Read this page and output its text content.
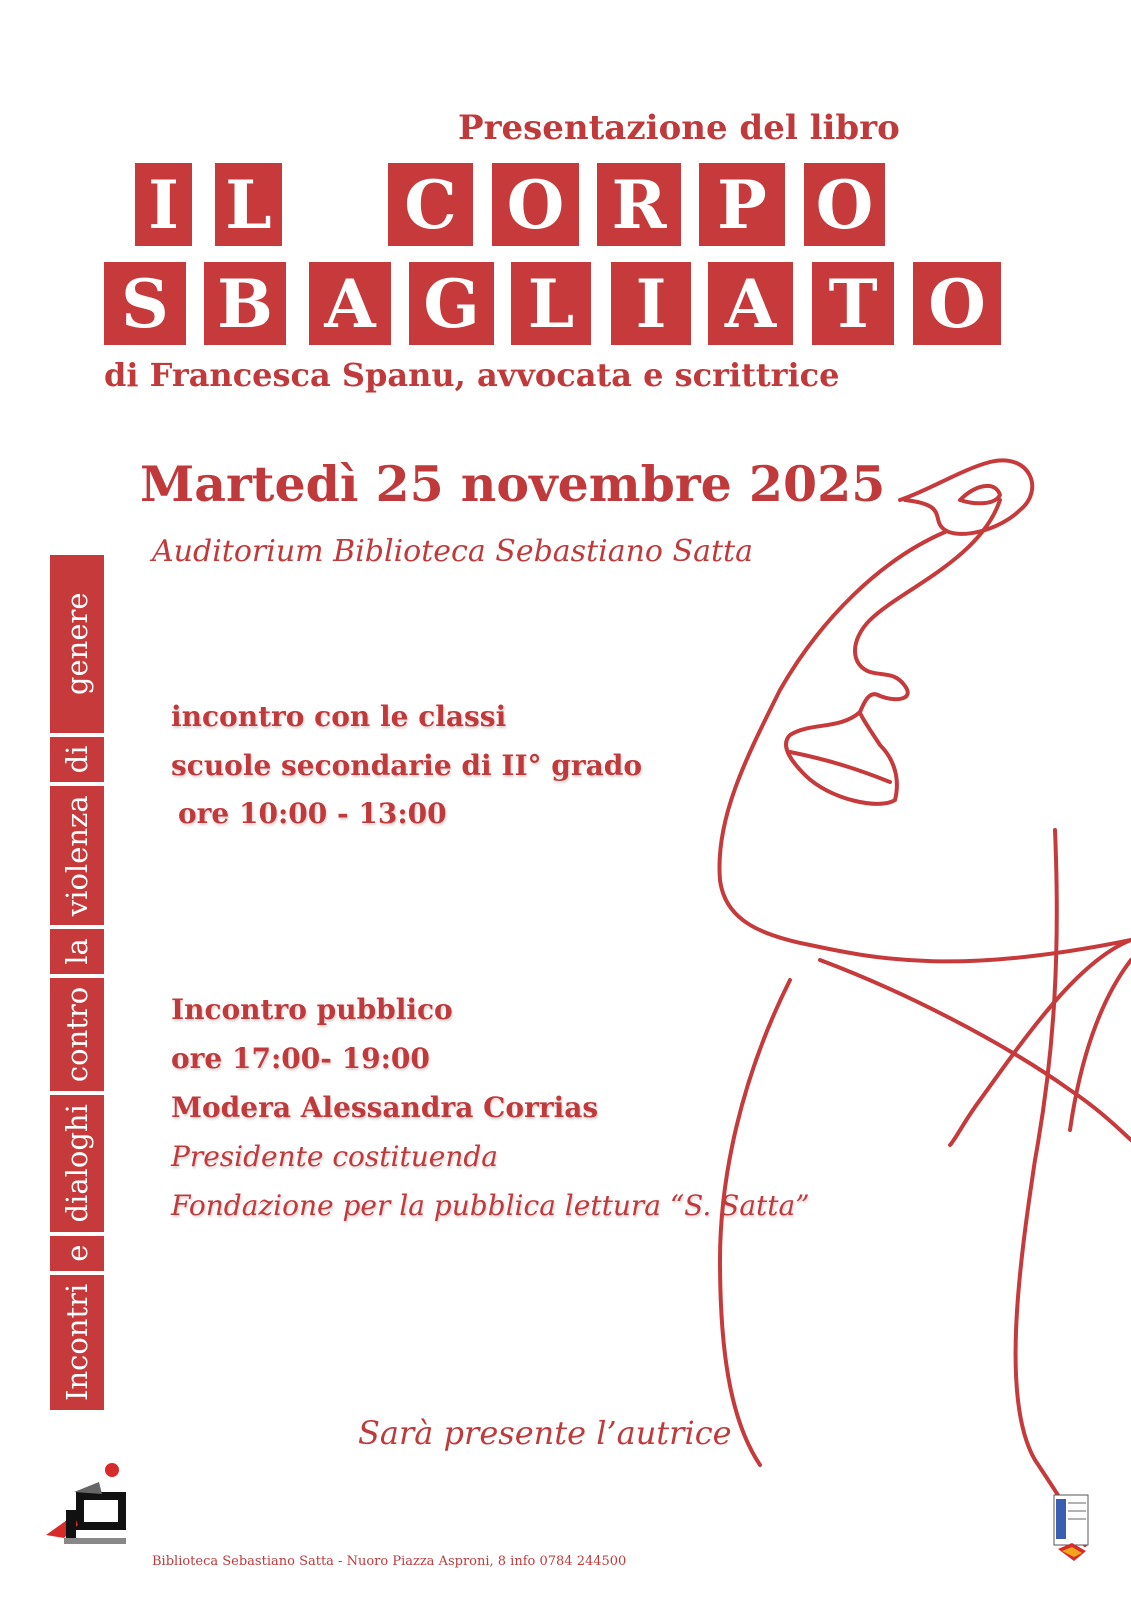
Presentazione del libro
I L C O R P O
S B A G L I A T O
di Francesca Spanu, avvocata e scrittrice
Martedì 25 novembre 2025
Auditorium Biblioteca Sebastiano Satta
incontro con le classi
scuole secondarie di II° grado
ore 10:00 - 13:00
Incontro pubblico
ore 17:00- 19:00
Modera Alessandra Corrias
Presidente costituenda
Fondazione per la pubblica lettura “S. Satta”
Incontri
e
dialoghi
contro
la
violenza
di
genere
Sarà presente l’autrice
Biblioteca Sebastiano Satta - Nuoro Piazza Asproni, 8 info 0784 244500
